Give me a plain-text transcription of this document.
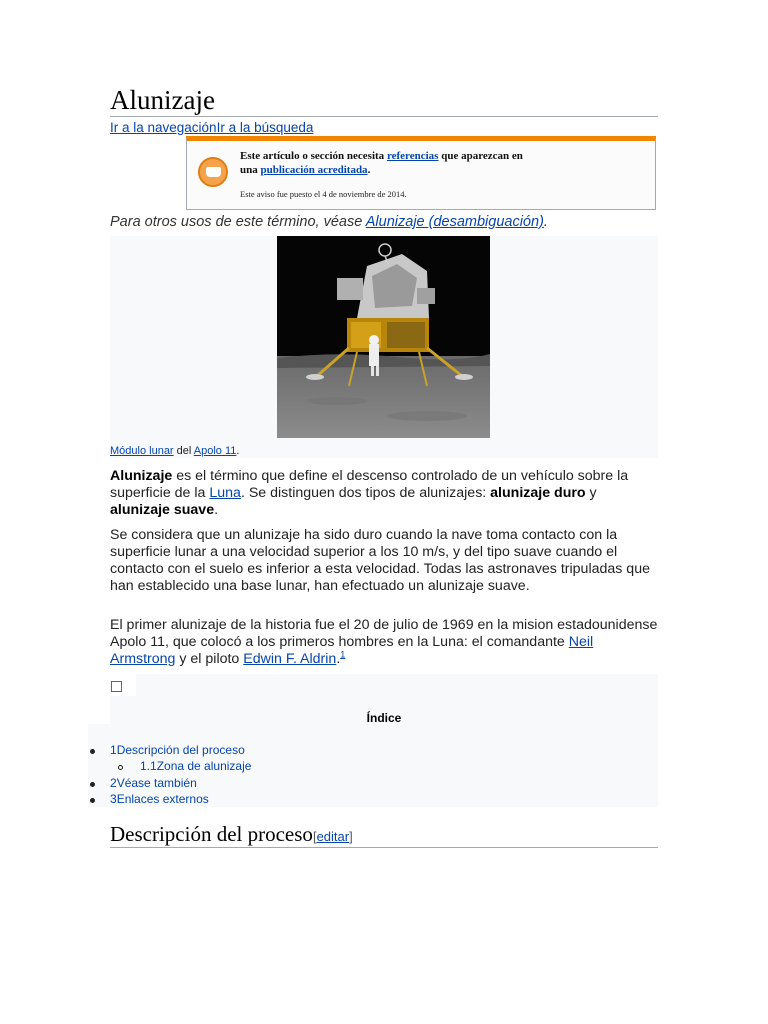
Alunizaje
Ir a la navegaciónIr a la búsqueda
Este artículo o sección necesita referencias que aparezcan en
una publicación acreditada.
Este aviso fue puesto el 4 de noviembre de 2014.
Para otros usos de este término, véase Alunizaje (desambiguación).
Módulo lunar del Apolo 11.
Alunizaje es el término que define el descenso controlado de un vehículo sobre la superficie de la Luna. Se distinguen dos tipos de alunizajes: alunizaje duro y alunizaje suave.
Se considera que un alunizaje ha sido duro cuando la nave toma contacto con la superficie lunar a una velocidad superior a los 10 m/s, y del tipo suave cuando el contacto con el suelo es inferior a esta velocidad. Todas las astronaves tripuladas que han establecido una base lunar, han efectuado un alunizaje suave.
El primer alunizaje de la historia fue el 20 de julio de 1969 en la mision estadounidense Apolo 11, que colocó a los primeros hombres en la Luna: el comandante Neil Armstrong y el piloto Edwin F. Aldrin.$^1$
Índice
1Descripción del proceso
1.1Zona de alunizaje
2Véase también
3Enlaces externos
Descripción del proceso[editar]
